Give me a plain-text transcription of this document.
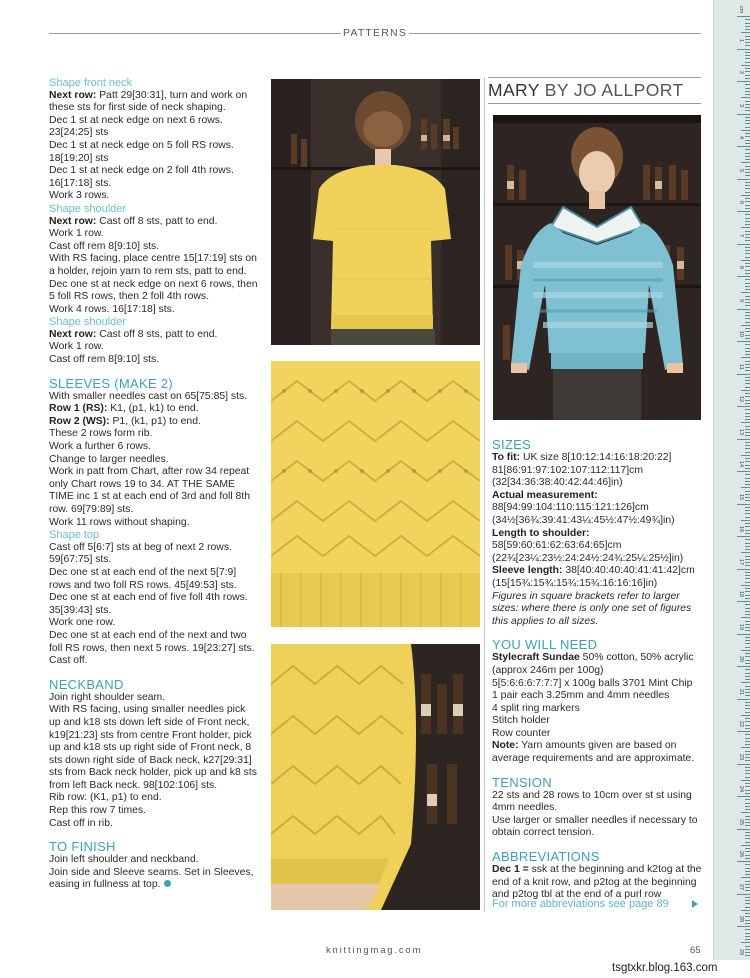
PATTERNS
Shape front neck

Next row: Patt 29[30:31], turn and work on these sts for first side of neck shaping.

Dec 1 st at neck edge on next 6 rows. 23[24:25] sts

Dec 1 st at neck edge on 5 foll RS rows. 18[19:20] sts

Dec 1 st at neck edge on 2 foll 4th rows. 16[17:18] sts.

Work 3 rows.

Shape shoulder

Next row: Cast off 8 sts, patt to end.

Work 1 row.

Cast off rem 8[9:10] sts.

With RS facing, place centre 15[17:19] sts on a holder, rejoin yarn to rem sts, patt to end.

Dec one st at neck edge on next 6 rows, then 5 foll RS rows, then 2 foll 4th rows.

Work 4 rows. 16[17:18] sts.

Shape shoulder

Next row: Cast off 8 sts, patt to end.

Work 1 row.

Cast off rem 8[9:10] sts.

SLEEVES (MAKE 2)

With smaller needles cast on 65[75:85] sts.

Row 1 (RS): K1, (p1, k1) to end.

Row 2 (WS): P1, (k1, p1) to end.

These 2 rows form rib.

Work a further 6 rows.

Change to larger needles.

Work in patt from Chart, after row 34 repeat only Chart rows 19 to 34. AT THE SAME TIME inc 1 st at each end of 3rd and foll 8th row. 69[79:89] sts.

Work 11 rows without shaping.

Shape top

Cast off 5[6:7] sts at beg of next 2 rows. 59[67:75] sts.

Dec one st at each end of the next 5[7:9] rows and two foll RS rows. 45[49:53] sts.

Dec one st at each end of five foll 4th rows. 35[39:43] sts.

Work one row.

Dec one st at each end of the next and two foll RS rows, then next 5 rows. 19[23:27] sts.

Cast off.

NECKBAND

Join right shoulder seam.

With RS facing, using smaller needles pick up and k18 sts down left side of Front neck, k19[21:23] sts from centre Front holder, pick up and k18 sts up right side of Front neck, 8 sts down right side of Back neck, k27[29:31] sts from Back neck holder, pick up and k8 sts from left Back neck. 98[102:106] sts.

Rib row: (K1, p1) to end.

Rep this row 7 times.

Cast off in rib.

TO FINISH

Join left shoulder and neckband.

Join side and Sleeve seams. Set in Sleeves, easing in fullness at top.

MARY BY JO ALLPORT
SIZES

To fit: UK size 8[10:12:14:16:18:20:22] 81[86:91:97:102:107:112:117]cm (32[34:36:38:40:42:44:46]in)

Actual measurement:

88[94:99:104:110:115:121:126]cm (34½[36¾:39:41:43¼:45½:47½:49¾]in)

Length to shoulder: 58[59:60:61:62:63:64:65]cm (22¾[23¼:23½:24:24½:24¾:25¼:25½]in)

Sleeve length: 38[40:40:40:40:41:41:42]cm (15[15¾:15¾:15¾:15¾:16:16:16]in)

Figures in square brackets refer to larger sizes: where there is only one set of figures this applies to all sizes.

YOU WILL NEED

Stylecraft Sundae 50% cotton, 50% acrylic (approx 246m per 100g)

5[5:6:6:6:7:7:7] x 100g balls 3701 Mint Chip

1 pair each 3.25mm and 4mm needles

4 split ring markers

Stitch holder

Row counter

Note: Yarn amounts given are based on average requirements and are approximate.

TENSION

22 sts and 28 rows to 10cm over st st using 4mm needles.

Use larger or smaller needles if necessary to obtain correct tension.

ABBREVIATIONS

Dec 1 = ssk at the beginning and k2tog at the end of a knit row, and p2tog at the beginning and p2tog tbl at the end of a purl row

For more abbreviations see page 89
knittingmag.com	65
tsgtxkr.blog.163.com
cm
1
2
3
4
5
6
7
8
9
10
11
12
13
14
15
16
17
18
19
20
21
22
23
24
25
26
27
28
29
